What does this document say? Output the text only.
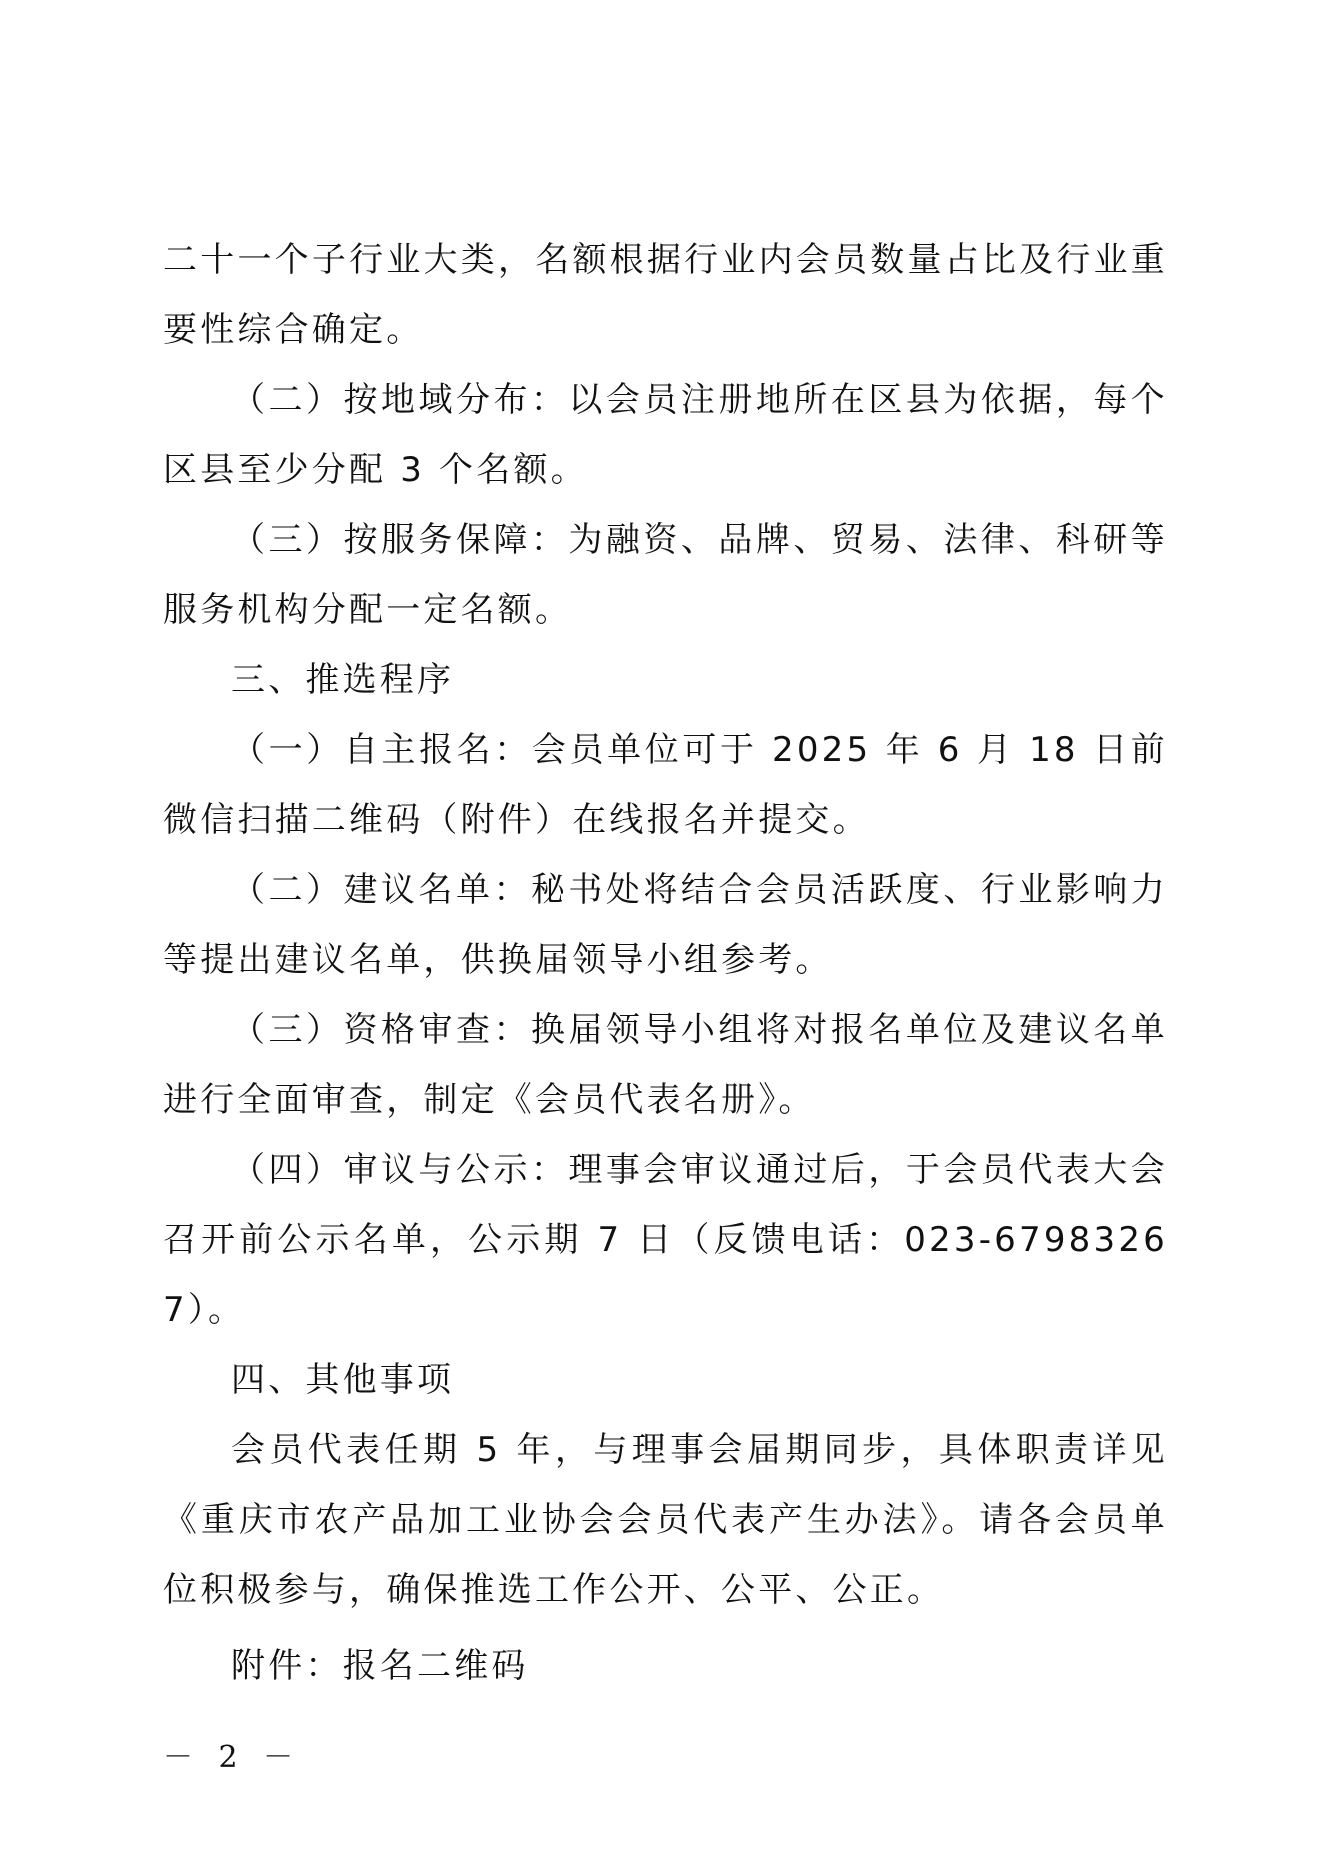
二十一个子行业大类，名额根据行业内会员数量占比及行业重要性综合确定。

（二）按地域分布：以会员注册地所在区县为依据，每个区县至少分配 3 个名额。

（三）按服务保障：为融资、品牌、贸易、法律、科研等服务机构分配一定名额。

三、推选程序

（一）自主报名：会员单位可于 2025 年 6 月 18 日前微信扫描二维码（附件）在线报名并提交。

（二）建议名单：秘书处将结合会员活跃度、行业影响力等提出建议名单，供换届领导小组参考。

（三）资格审查：换届领导小组将对报名单位及建议名单进行全面审查，制定《会员代表名册》。

（四）审议与公示：理事会审议通过后，于会员代表大会召开前公示名单，公示期 7 日（反馈电话：023-67983267）。

四、其他事项

会员代表任期 5 年，与理事会届期同步，具体职责详见《重庆市农产品加工业协会会员代表产生办法》。请各会员单位积极参与，确保推选工作公开、公平、公正。

附件：报名二维码

－ 2 －
